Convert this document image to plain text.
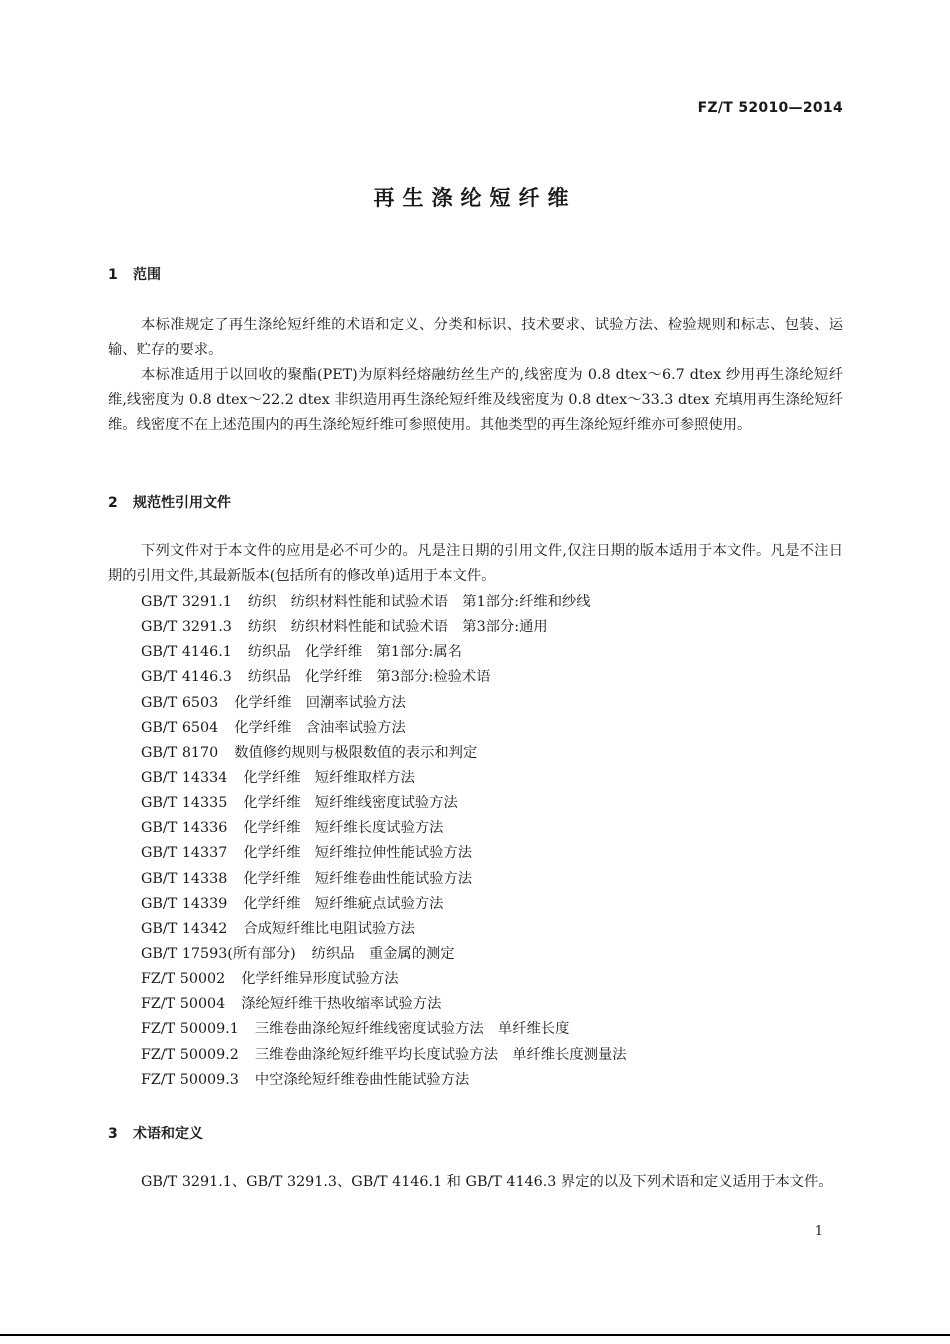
FZ/T 52010—2014
再生涤纶短纤维
1 范围

本标准规定了再生涤纶短纤维的术语和定义、分类和标识、技术要求、试验方法、检验规则和标志、包装、运输、贮存的要求。

本标准适用于以回收的聚酯(PET)为原料经熔融纺丝生产的,线密度为 0.8 dtex～6.7 dtex 纱用再生涤纶短纤维,线密度为 0.8 dtex～22.2 dtex 非织造用再生涤纶短纤维及线密度为 0.8 dtex～33.3 dtex 充填用再生涤纶短纤维。线密度不在上述范围内的再生涤纶短纤维可参照使用。其他类型的再生涤纶短纤维亦可参照使用。

2 规范性引用文件

下列文件对于本文件的应用是必不可少的。凡是注日期的引用文件,仅注日期的版本适用于本文件。凡是不注日期的引用文件,其最新版本(包括所有的修改单)适用于本文件。

GB/T 3291.1 纺织　纺织材料性能和试验术语　第1部分:纤维和纱线
GB/T 3291.3 纺织　纺织材料性能和试验术语　第3部分:通用
GB/T 4146.1 纺织品　化学纤维　第1部分:属名
GB/T 4146.3 纺织品　化学纤维　第3部分:检验术语
GB/T 6503 化学纤维　回潮率试验方法
GB/T 6504 化学纤维　含油率试验方法
GB/T 8170 数值修约规则与极限数值的表示和判定
GB/T 14334 化学纤维　短纤维取样方法
GB/T 14335 化学纤维　短纤维线密度试验方法
GB/T 14336 化学纤维　短纤维长度试验方法
GB/T 14337 化学纤维　短纤维拉伸性能试验方法
GB/T 14338 化学纤维　短纤维卷曲性能试验方法
GB/T 14339 化学纤维　短纤维疵点试验方法
GB/T 14342 合成短纤维比电阻试验方法
GB/T 17593(所有部分) 纺织品　重金属的测定
FZ/T 50002 化学纤维异形度试验方法
FZ/T 50004 涤纶短纤维干热收缩率试验方法
FZ/T 50009.1 三维卷曲涤纶短纤维线密度试验方法　单纤维长度
FZ/T 50009.2 三维卷曲涤纶短纤维平均长度试验方法　单纤维长度测量法
FZ/T 50009.3 中空涤纶短纤维卷曲性能试验方法
3 术语和定义

GB/T 3291.1、GB/T 3291.3、GB/T 4146.1 和 GB/T 4146.3 界定的以及下列术语和定义适用于本文件。

1
